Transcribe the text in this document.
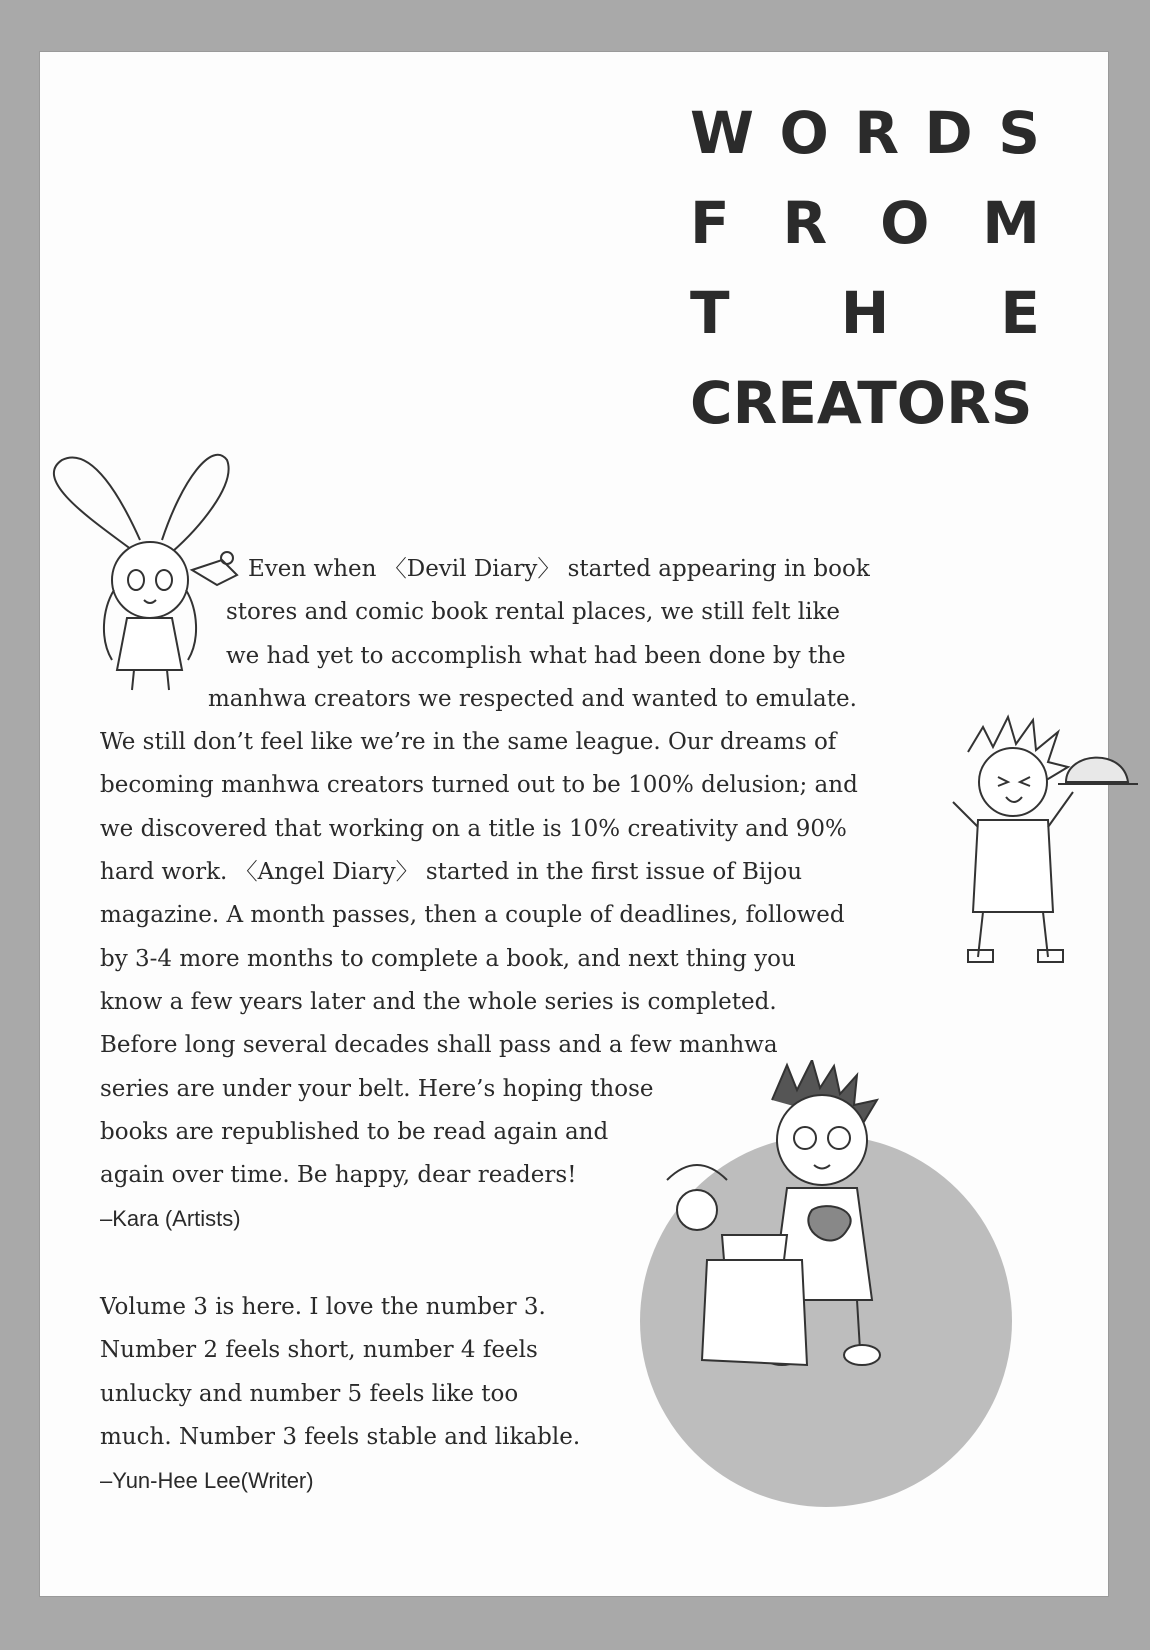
W O R D S
F R O M
T H E
CREATORS
Even when 〈Devil Diary〉 started appearing in book
stores and comic book rental places, we still felt like
we had yet to accomplish what had been done by the
manhwa creators we respected and wanted to emulate.
We still don’t feel like we’re in the same league. Our dreams of
becoming manhwa creators turned out to be 100% delusion; and
we discovered that working on a title is 10% creativity and 90%
hard work. 〈Angel Diary〉 started in the first issue of Bijou
magazine. A month passes, then a couple of deadlines, followed
by 3-4 more months to complete a book, and next thing you
know a few years later and the whole series is completed.
Before long several decades shall pass and a few manhwa
series are under your belt. Here’s hoping those
books are republished to be read again and
again over time. Be happy, dear readers!
–Kara (Artists)
Volume 3 is here. I love the number 3.
Number 2 feels short, number 4 feels
unlucky and number 5 feels like too
much. Number 3 feels stable and likable.
–Yun-Hee Lee(Writer)
